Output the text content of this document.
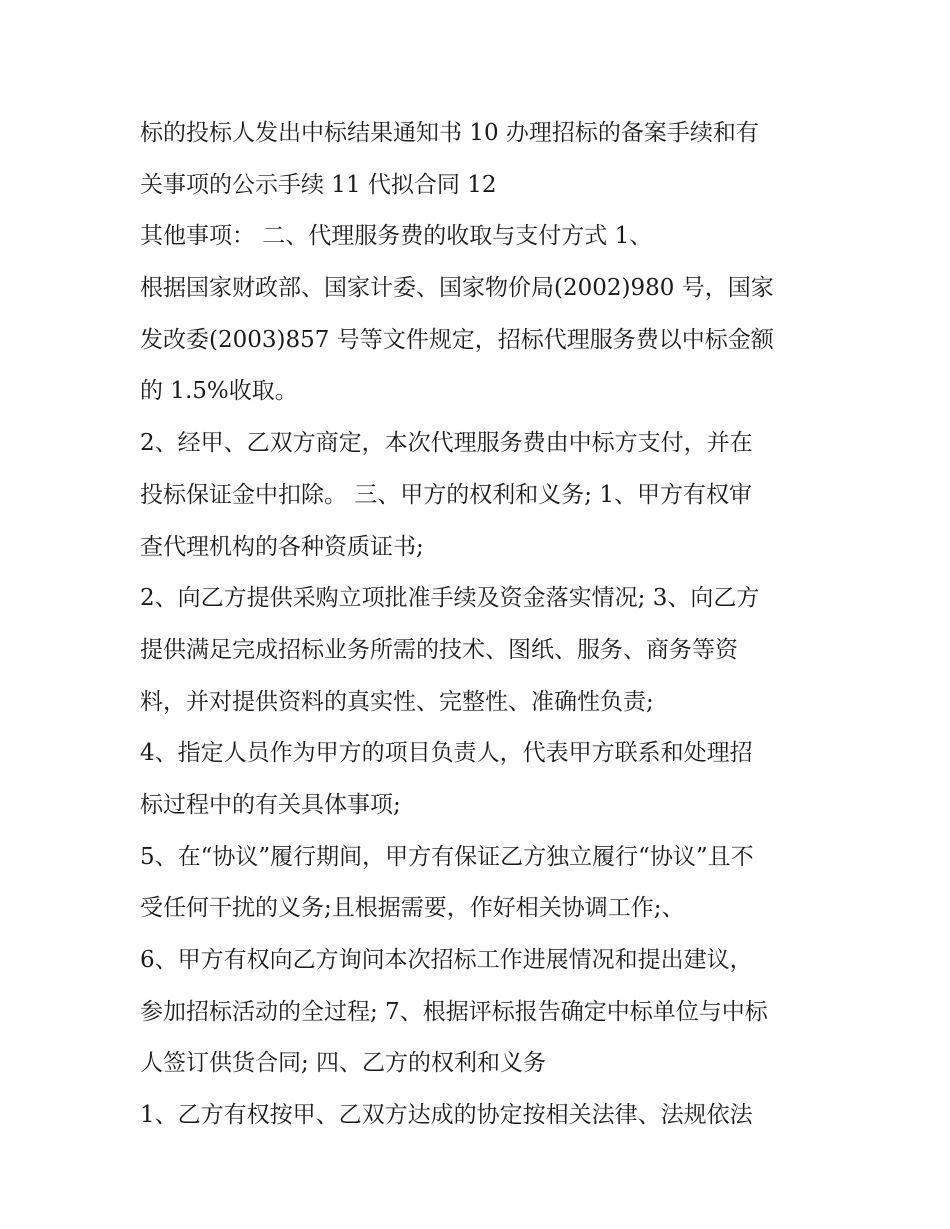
标的投标人发出中标结果通知书 10 办理招标的备案手续和有
关事项的公示手续 11 代拟合同 12
其他事项： 二、代理服务费的收取与支付方式 1、
根据国家财政部、国家计委、国家物价局(2002)980 号，国家
发改委(2003)857 号等文件规定，招标代理服务费以中标金额
的 1.5%收取。
2、经甲、乙双方商定，本次代理服务费由中标方支付，并在
投标保证金中扣除。 三、甲方的权利和义务; 1、甲方有权审
查代理机构的各种资质证书;
2、向乙方提供采购立项批准手续及资金落实情况; 3、向乙方
提供满足完成招标业务所需的技术、图纸、服务、商务等资
料，并对提供资料的真实性、完整性、准确性负责;
4、指定人员作为甲方的项目负责人，代表甲方联系和处理招
标过程中的有关具体事项;
5、在“协议”履行期间，甲方有保证乙方独立履行“协议”且不
受任何干扰的义务;且根据需要，作好相关协调工作;、
6、甲方有权向乙方询问本次招标工作进展情况和提出建议，
参加招标活动的全过程; 7、根据评标报告确定中标单位与中标
人签订供货合同; 四、乙方的权利和义务
1、乙方有权按甲、乙双方达成的协定按相关法律、法规依法
